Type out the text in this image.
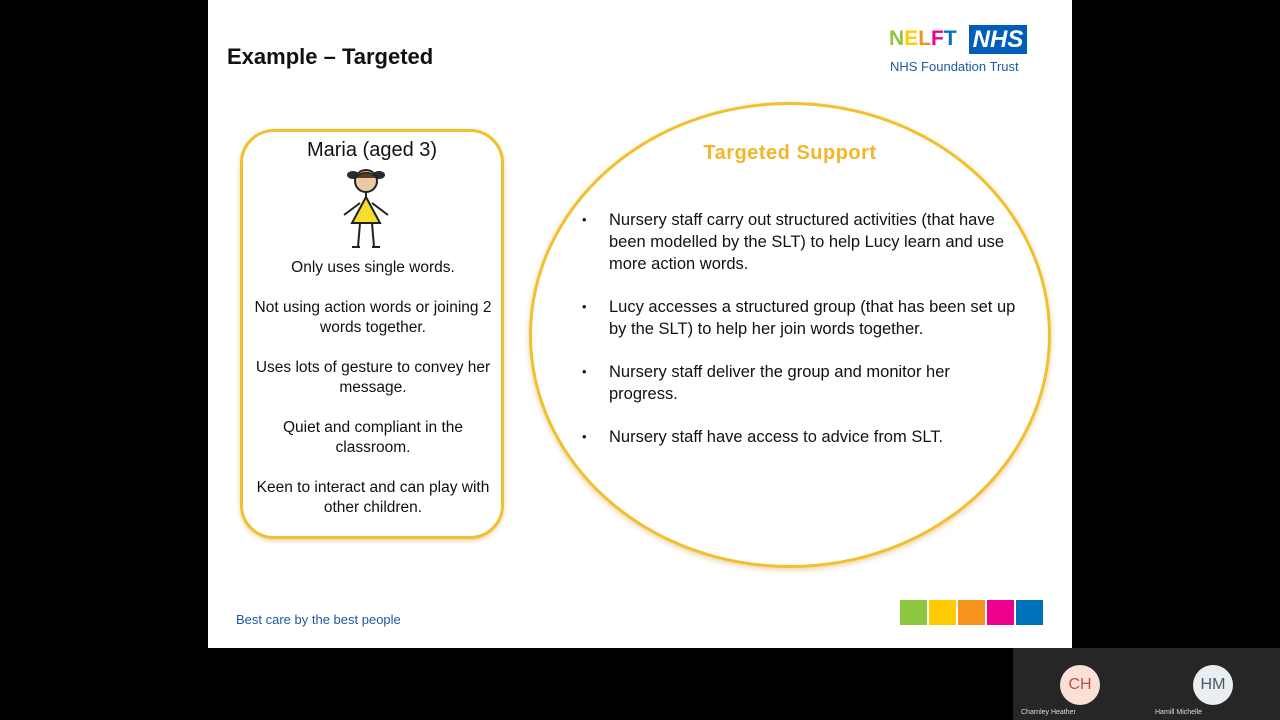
Example – Targeted
NELFT NHS
NHS Foundation Trust
Maria (aged 3)
Only uses single words.
Not using action words or joining 2 words together.
Uses lots of gesture to convey her message.
Quiet and compliant in the classroom.
Keen to interact and can play with other children.
Targeted Support
• Nursery staff carry out structured activities (that have been modelled by the SLT) to help Lucy learn and use more action words.
• Lucy accesses a structured group (that has been set up by the SLT) to help her join words together.
• Nursery staff deliver the group and monitor her progress.
• Nursery staff have access to advice from SLT.
Best care by the best people
CH
Charnley Heather
HM
Hamill Michelle
